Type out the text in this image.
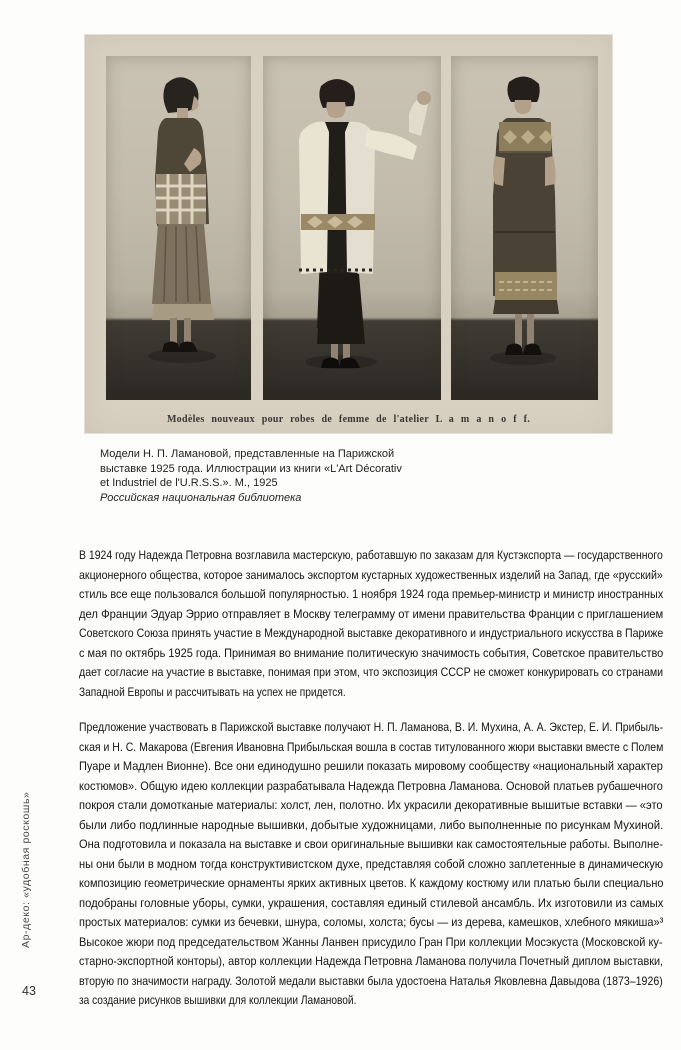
Modèles nouveaux pour robes de femme de l'atelier L a m a n o f f.
Модели Н. П. Ламановой, представленные на Парижской
выставке 1925 года. Иллюстрации из книги «L'Art Décorativ
et Industriel de l'U.R.S.S.». М., 1925
Российская национальная библиотека
В 1924 году Надежда Петровна возглавила мастерскую, работавшую по заказам для Кустэкспорта — государственного
акционерного общества, которое занималось экспортом кустарных художественных изделий на Запад, где «русский»
стиль все еще пользовался большой популярностью. 1 ноября 1924 года премьер-министр и министр иностранных
дел Франции Эдуар Эррио отправляет в Москву телеграмму от имени правительства Франции с приглашением
Советского Союза принять участие в Международной выставке декоративного и индустриального искусства в Париже
с мая по октябрь 1925 года. Принимая во внимание политическую значимость события, Советское правительство
дает согласие на участие в выставке, понимая при этом, что экспозиция СССР не сможет конкурировать со странами
Западной Европы и рассчитывать на успех не придется.
Предложение участвовать в Парижской выставке получают Н. П. Ламанова, В. И. Мухина, А. А. Экстер, Е. И. Прибыль-
ская и Н. С. Макарова (Евгения Ивановна Прибыльская вошла в состав титулованного жюри выставки вместе с Полем
Пуаре и Мадлен Вионне). Все они единодушно решили показать мировому сообществу «национальный характер
костюмов». Общую идею коллекции разрабатывала Надежда Петровна Ламанова. Основой платьев рубашечного
покроя стали домотканые материалы: холст, лен, полотно. Их украсили декоративные вышитые вставки — «это
были либо подлинные народные вышивки, добытые художницами, либо выполненные по рисункам Мухиной.
Она подготовила и показала на выставке и свои оригинальные вышивки как самостоятельные работы. Выполне-
ны они были в модном тогда конструктивистском духе, представляя собой сложно заплетенные в динамическую
композицию геометрические орнаменты ярких активных цветов. К каждому костюму или платью были специально
подобраны головные уборы, сумки, украшения, составляя единый стилевой ансамбль. Их изготовили из самых
простых материалов: сумки из бечевки, шнура, соломы, холста; бусы — из дерева, камешков, хлебного мякиша»³
Высокое жюри под председательством Жанны Ланвен присудило Гран При коллекции Мосэкуста (Московской ку-
старно-экспортной конторы), автор коллекции Надежда Петровна Ламанова получила Почетный диплом выставки,
вторую по значимости награду. Золотой медали выставки была удостоена Наталья Яковлевна Давыдова (1873–1926)
за создание рисунков вышивки для коллекции Ламановой.
Ар-деко: «удобная роскошь»
43
